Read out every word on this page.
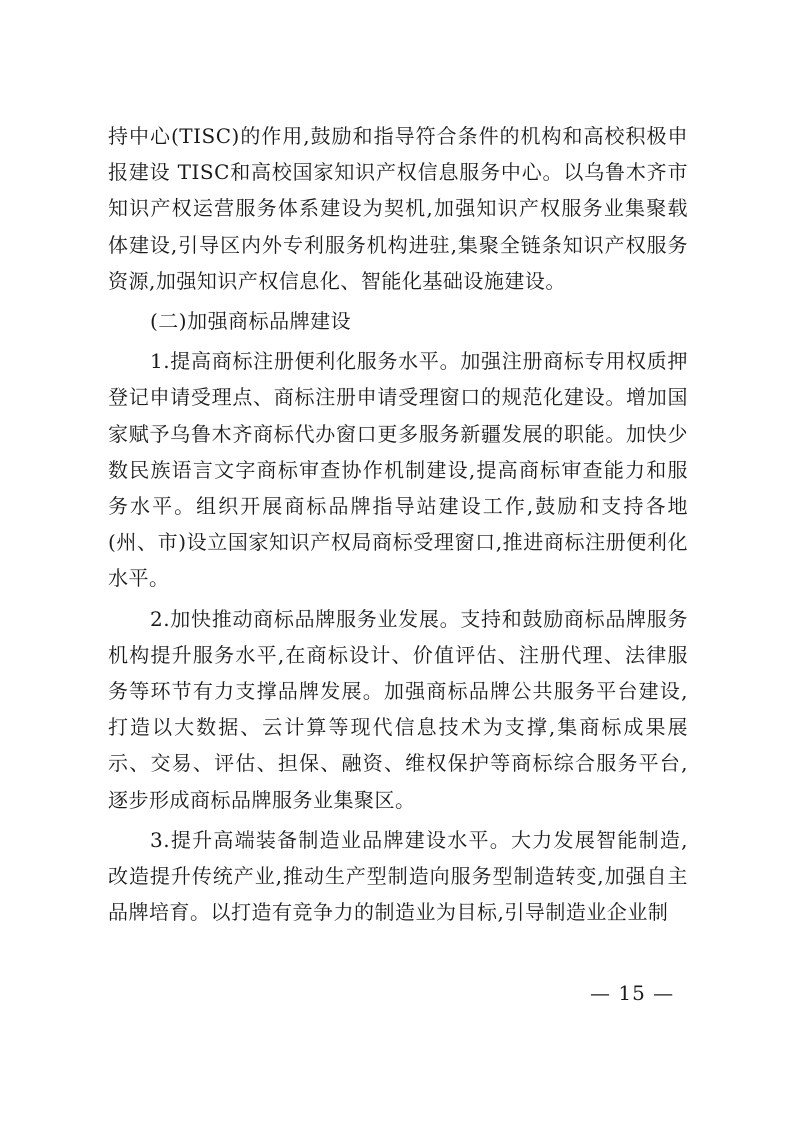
持中心(TISC)的作用,鼓励和指导符合条件的机构和高校积极申报建设 TISC和高校国家知识产权信息服务中心。以乌鲁木齐市知识产权运营服务体系建设为契机,加强知识产权服务业集聚载体建设,引导区内外专利服务机构进驻,集聚全链条知识产权服务资源,加强知识产权信息化、智能化基础设施建设。

(二)加强商标品牌建设

1.提高商标注册便利化服务水平。加强注册商标专用权质押登记申请受理点、商标注册申请受理窗口的规范化建设。增加国家赋予乌鲁木齐商标代办窗口更多服务新疆发展的职能。加快少数民族语言文字商标审查协作机制建设,提高商标审查能力和服务水平。组织开展商标品牌指导站建设工作,鼓励和支持各地(州、市)设立国家知识产权局商标受理窗口,推进商标注册便利化水平。

2.加快推动商标品牌服务业发展。支持和鼓励商标品牌服务机构提升服务水平,在商标设计、价值评估、注册代理、法律服务等环节有力支撑品牌发展。加强商标品牌公共服务平台建设,打造以大数据、云计算等现代信息技术为支撑,集商标成果展示、交易、评估、担保、融资、维权保护等商标综合服务平台,逐步形成商标品牌服务业集聚区。

3.提升高端装备制造业品牌建设水平。大力发展智能制造,改造提升传统产业,推动生产型制造向服务型制造转变,加强自主品牌培育。以打造有竞争力的制造业为目标,引导制造业企业制

— 15 —
